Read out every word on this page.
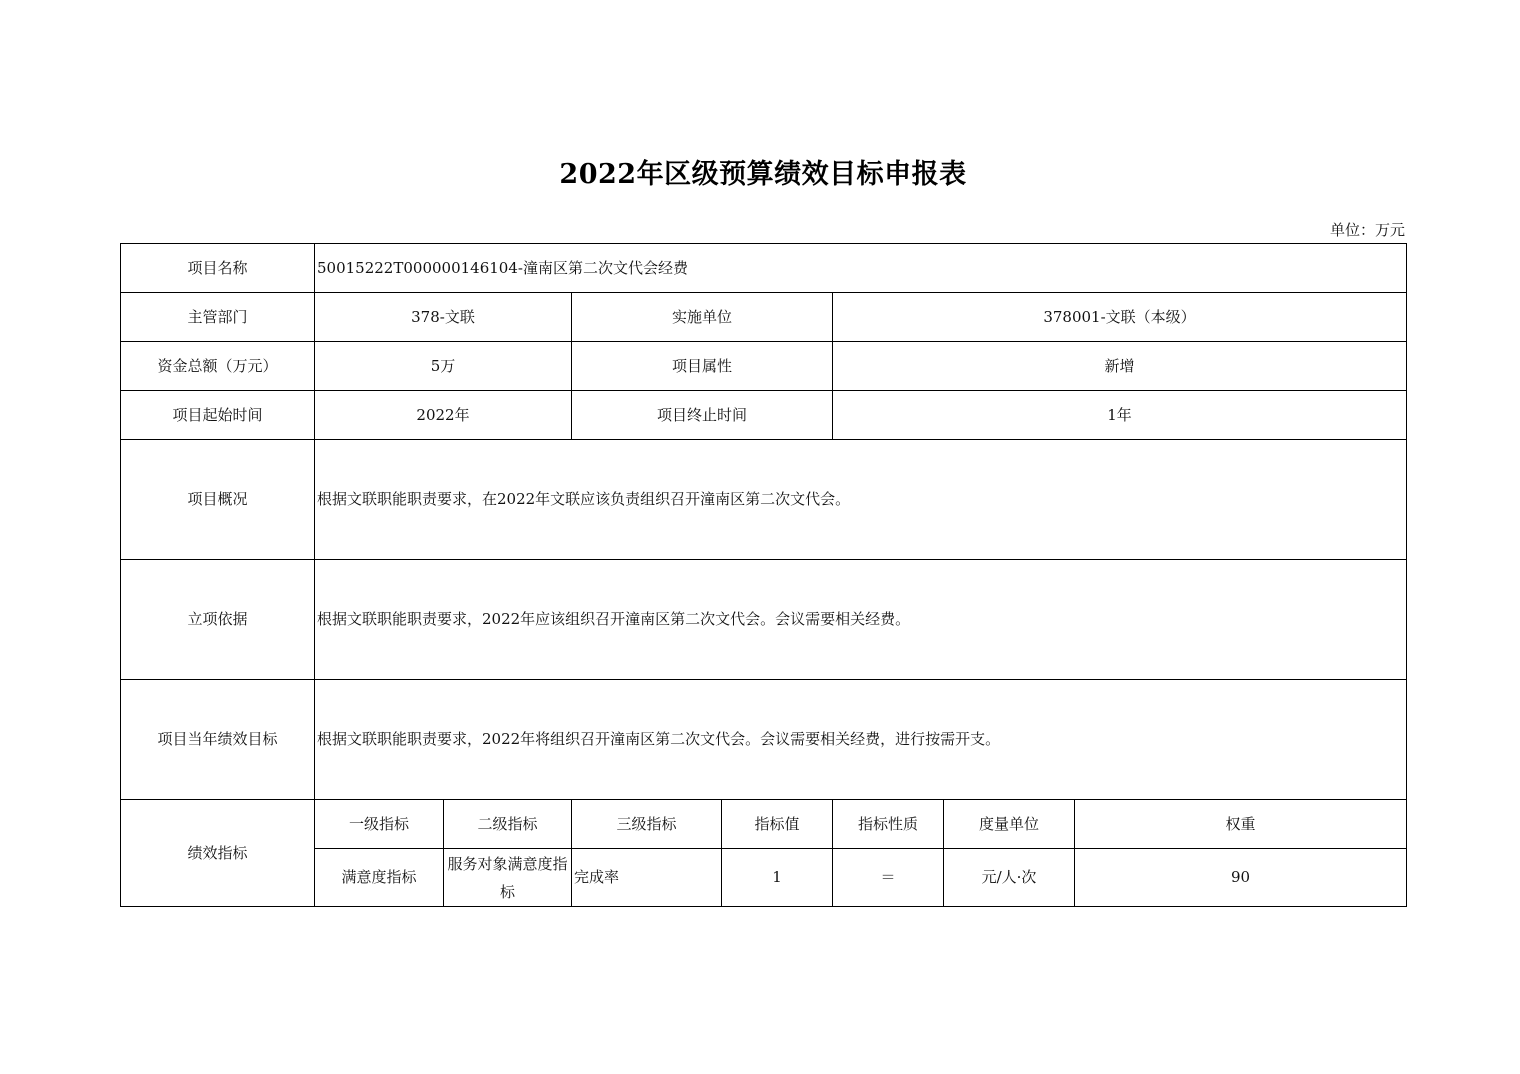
2022年区级预算绩效目标申报表
单位：万元
项目名称	50015222T000000146104-潼南区第二次文代会经费						
主管部门	378-文联		实施单位		378001-文联（本级）		
资金总额（万元）	5万		项目属性		新增		
项目起始时间	2022年		项目终止时间		1年		
项目概况	根据文联职能职责要求，在2022年文联应该负责组织召开潼南区第二次文代会。						
立项依据	根据文联职能职责要求，2022年应该组织召开潼南区第二次文代会。会议需要相关经费。						
项目当年绩效目标	根据文联职能职责要求，2022年将组织召开潼南区第二次文代会。会议需要相关经费，进行按需开支。						
绩效指标	一级指标	二级指标	三级指标	指标值	指标性质	度量单位	权重
	满意度指标	服务对象满意度指标	完成率	1	＝	元/人·次	90
